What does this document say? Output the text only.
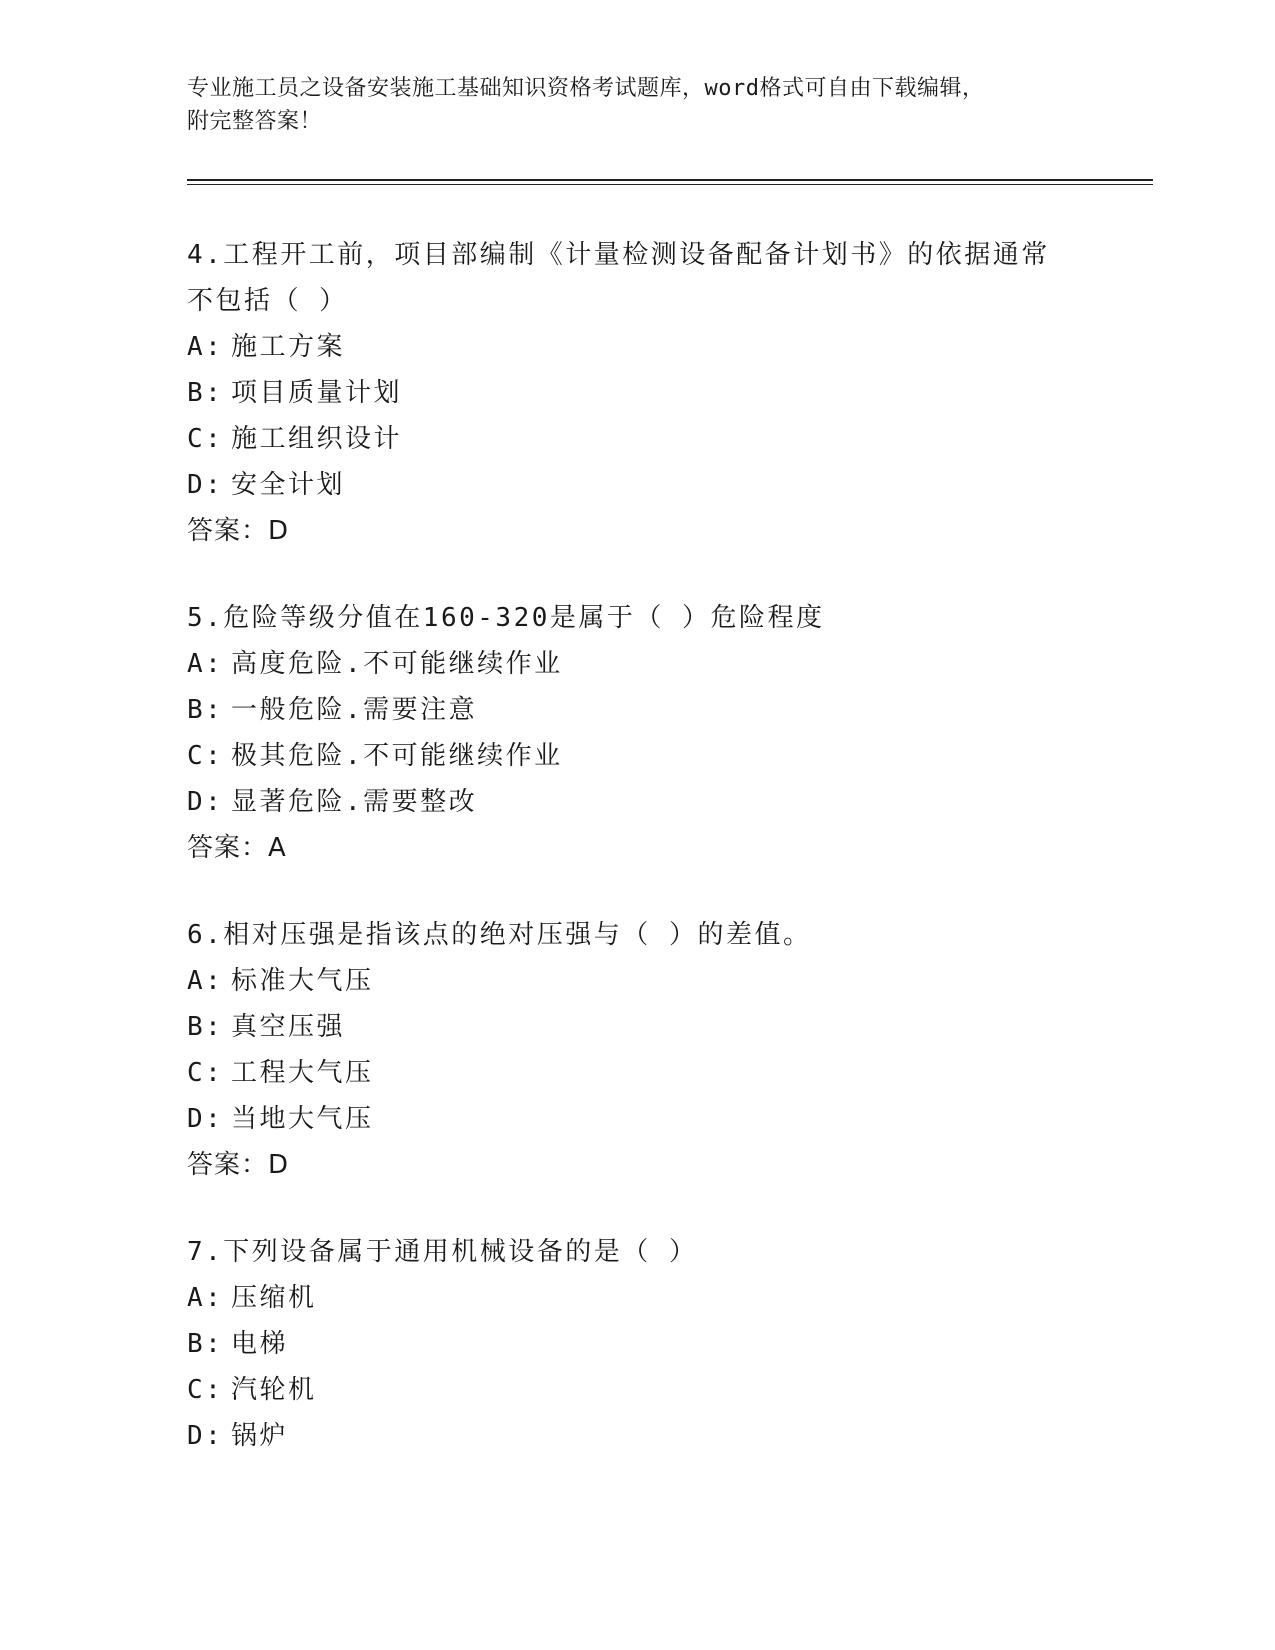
专业施工员之设备安装施工基础知识资格考试题库，word格式可自由下载编辑，
附完整答案！
4.工程开工前，项目部编制《计量检测设备配备计划书》的依据通常
不包括（ ）
A: 施工方案
B: 项目质量计划
C: 施工组织设计
D: 安全计划
答案：D
5.危险等级分值在160-320是属于（ ）危险程度
A: 高度危险.不可能继续作业
B: 一般危险.需要注意
C: 极其危险.不可能继续作业
D: 显著危险.需要整改
答案：A
6.相对压强是指该点的绝对压强与（ ）的差值。
A: 标准大气压
B: 真空压强
C: 工程大气压
D: 当地大气压
答案：D
7.下列设备属于通用机械设备的是（ ）
A: 压缩机
B: 电梯
C: 汽轮机
D: 锅炉
